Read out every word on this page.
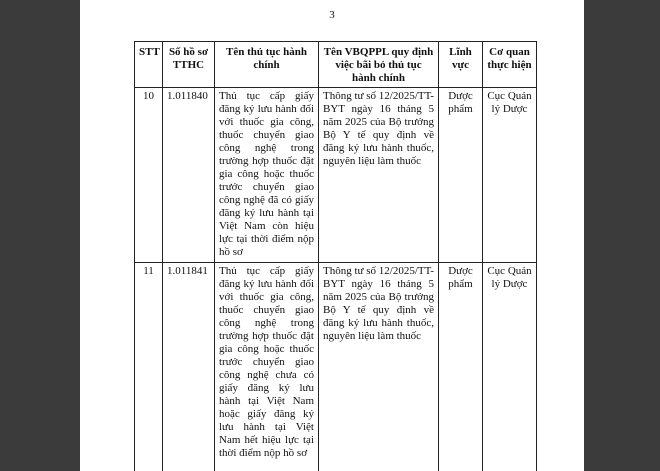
3
STT	Số hồ sơ TTHC	Tên thủ tục hành chính	Tên VBQPPL quy định việc bãi bỏ thủ tục hành chính	Lĩnh vực	Cơ quan thực hiện
10	1.011840	Thủ tục cấp giấy đăng ký lưu hành đối với thuốc gia công, thuốc chuyển giao công nghệ trong trường hợp thuốc đặt gia công hoặc thuốc trước chuyển giao công nghệ đã có giấy đăng ký lưu hành tại Việt Nam còn hiệu lực tại thời điểm nộp hồ sơ	Thông tư số 12/2025/TT-BYT ngày 16 tháng 5 năm 2025 của Bộ trưởng Bộ Y tế quy định về đăng ký lưu hành thuốc, nguyên liệu làm thuốc	Dược phẩm	Cục Quản lý Dược
11	1.011841	Thủ tục cấp giấy đăng ký lưu hành đối với thuốc gia công, thuốc chuyển giao công nghệ trong trường hợp thuốc đặt gia công hoặc thuốc trước chuyển giao công nghệ chưa có giấy đăng ký lưu hành tại Việt Nam hoặc giấy đăng ký lưu hành tại Việt Nam hết hiệu lực tại thời điểm nộp hồ sơ	Thông tư số 12/2025/TT-BYT ngày 16 tháng 5 năm 2025 của Bộ trưởng Bộ Y tế quy định về đăng ký lưu hành thuốc, nguyên liệu làm thuốc	Dược phẩm	Cục Quản lý Dược
